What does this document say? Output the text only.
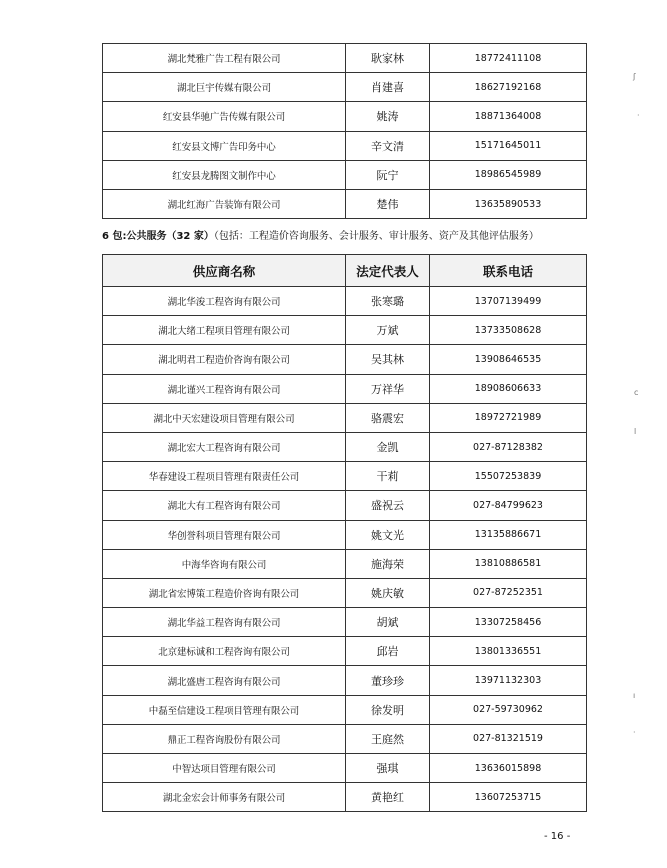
湖北梵雅广告工程有限公司	耿家林	18772411108
湖北巨宇传媒有限公司	肖建喜	18627192168
红安县华驰广告传媒有限公司	姚涛	18871364008
红安县文博广告印务中心	辛文清	15171645011
红安县龙腾图文制作中心	阮宁	18986545989
湖北红海广告装饰有限公司	楚伟	13635890533
6 包:公共服务（32 家）（包括：工程造价咨询服务、会计服务、审计服务、资产及其他评估服务）
供应商名称	法定代表人	联系电话
湖北华浚工程咨询有限公司	张寒璐	13707139499
湖北大绪工程项目管理有限公司	万斌	13733508628
湖北明君工程造价咨询有限公司	吴其林	13908646535
湖北谨兴工程咨询有限公司	万祥华	18908606633
湖北中天宏建设项目管理有限公司	骆震宏	18972721989
湖北宏大工程咨询有限公司	金凯	027-87128382
华春建设工程项目管理有限责任公司	干莉	15507253839
湖北大有工程咨询有限公司	盛祝云	027-84799623
华创誉科项目管理有限公司	姚文光	13135886671
中海华咨询有限公司	施海荣	13810886581
湖北省宏博策工程造价咨询有限公司	姚庆敏	027-87252351
湖北华益工程咨询有限公司	胡斌	13307258456
北京建标诚和工程咨询有限公司	邱岩	13801336551
湖北盛唐工程咨询有限公司	董珍珍	13971132303
中磊至信建设工程项目管理有限公司	徐发明	027-59730962
鼎正工程咨询股份有限公司	王庭然	027-81321519
中智达项目管理有限公司	强琪	13636015898
湖北金宏会计师事务有限公司	黄艳红	13607253715
- 16 -
ʃ
·
c
l
ı
·
